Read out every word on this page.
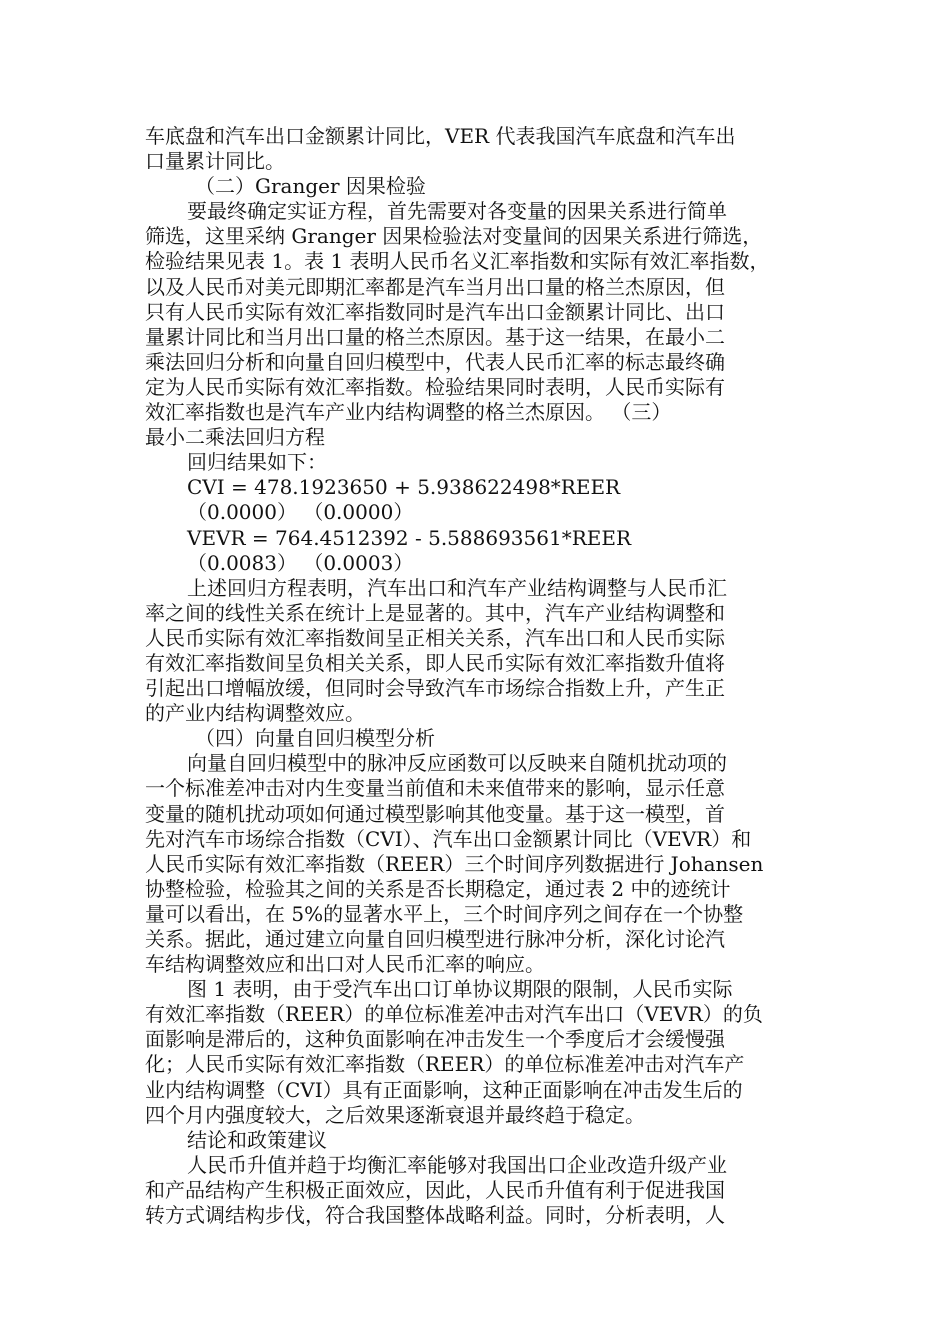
车底盘和汽车出口金额累计同比，VER 代表我国汽车底盘和汽车出
口量累计同比。
（二）Granger 因果检验
要最终确定实证方程，首先需要对各变量的因果关系进行简单
筛选，这里采纳 Granger 因果检验法对变量间的因果关系进行筛选，
检验结果见表 1。表 1 表明人民币名义汇率指数和实际有效汇率指数，
以及人民币对美元即期汇率都是汽车当月出口量的格兰杰原因，但
只有人民币实际有效汇率指数同时是汽车出口金额累计同比、出口
量累计同比和当月出口量的格兰杰原因。基于这一结果，在最小二
乘法回归分析和向量自回归模型中，代表人民币汇率的标志最终确
定为人民币实际有效汇率指数。检验结果同时表明，人民币实际有
效汇率指数也是汽车产业内结构调整的格兰杰原因。 （三）
最小二乘法回归方程
回归结果如下：
CVI = 478.1923650 + 5.938622498*REER
（0.0000） （0.0000）
VEVR = 764.4512392 - 5.588693561*REER
（0.0083） （0.0003）
上述回归方程表明，汽车出口和汽车产业结构调整与人民币汇
率之间的线性关系在统计上是显著的。其中，汽车产业结构调整和
人民币实际有效汇率指数间呈正相关关系，汽车出口和人民币实际
有效汇率指数间呈负相关关系，即人民币实际有效汇率指数升值将
引起出口增幅放缓，但同时会导致汽车市场综合指数上升，产生正
的产业内结构调整效应。
（四）向量自回归模型分析
向量自回归模型中的脉冲反应函数可以反映来自随机扰动项的
一个标准差冲击对内生变量当前值和未来值带来的影响，显示任意
变量的随机扰动项如何通过模型影响其他变量。基于这一模型，首
先对汽车市场综合指数（CVI）、汽车出口金额累计同比（VEVR）和
人民币实际有效汇率指数（REER）三个时间序列数据进行 Johansen
协整检验，检验其之间的关系是否长期稳定，通过表 2 中的迹统计
量可以看出，在 5%的显著水平上，三个时间序列之间存在一个协整
关系。据此，通过建立向量自回归模型进行脉冲分析，深化讨论汽
车结构调整效应和出口对人民币汇率的响应。
图 1 表明，由于受汽车出口订单协议期限的限制，人民币实际
有效汇率指数（REER）的单位标准差冲击对汽车出口（VEVR）的负
面影响是滞后的，这种负面影响在冲击发生一个季度后才会缓慢强
化；人民币实际有效汇率指数（REER）的单位标准差冲击对汽车产
业内结构调整（CVI）具有正面影响，这种正面影响在冲击发生后的
四个月内强度较大，之后效果逐渐衰退并最终趋于稳定。
结论和政策建议
人民币升值并趋于均衡汇率能够对我国出口企业改造升级产业
和产品结构产生积极正面效应，因此，人民币升值有利于促进我国
转方式调结构步伐，符合我国整体战略利益。同时，分析表明，人
